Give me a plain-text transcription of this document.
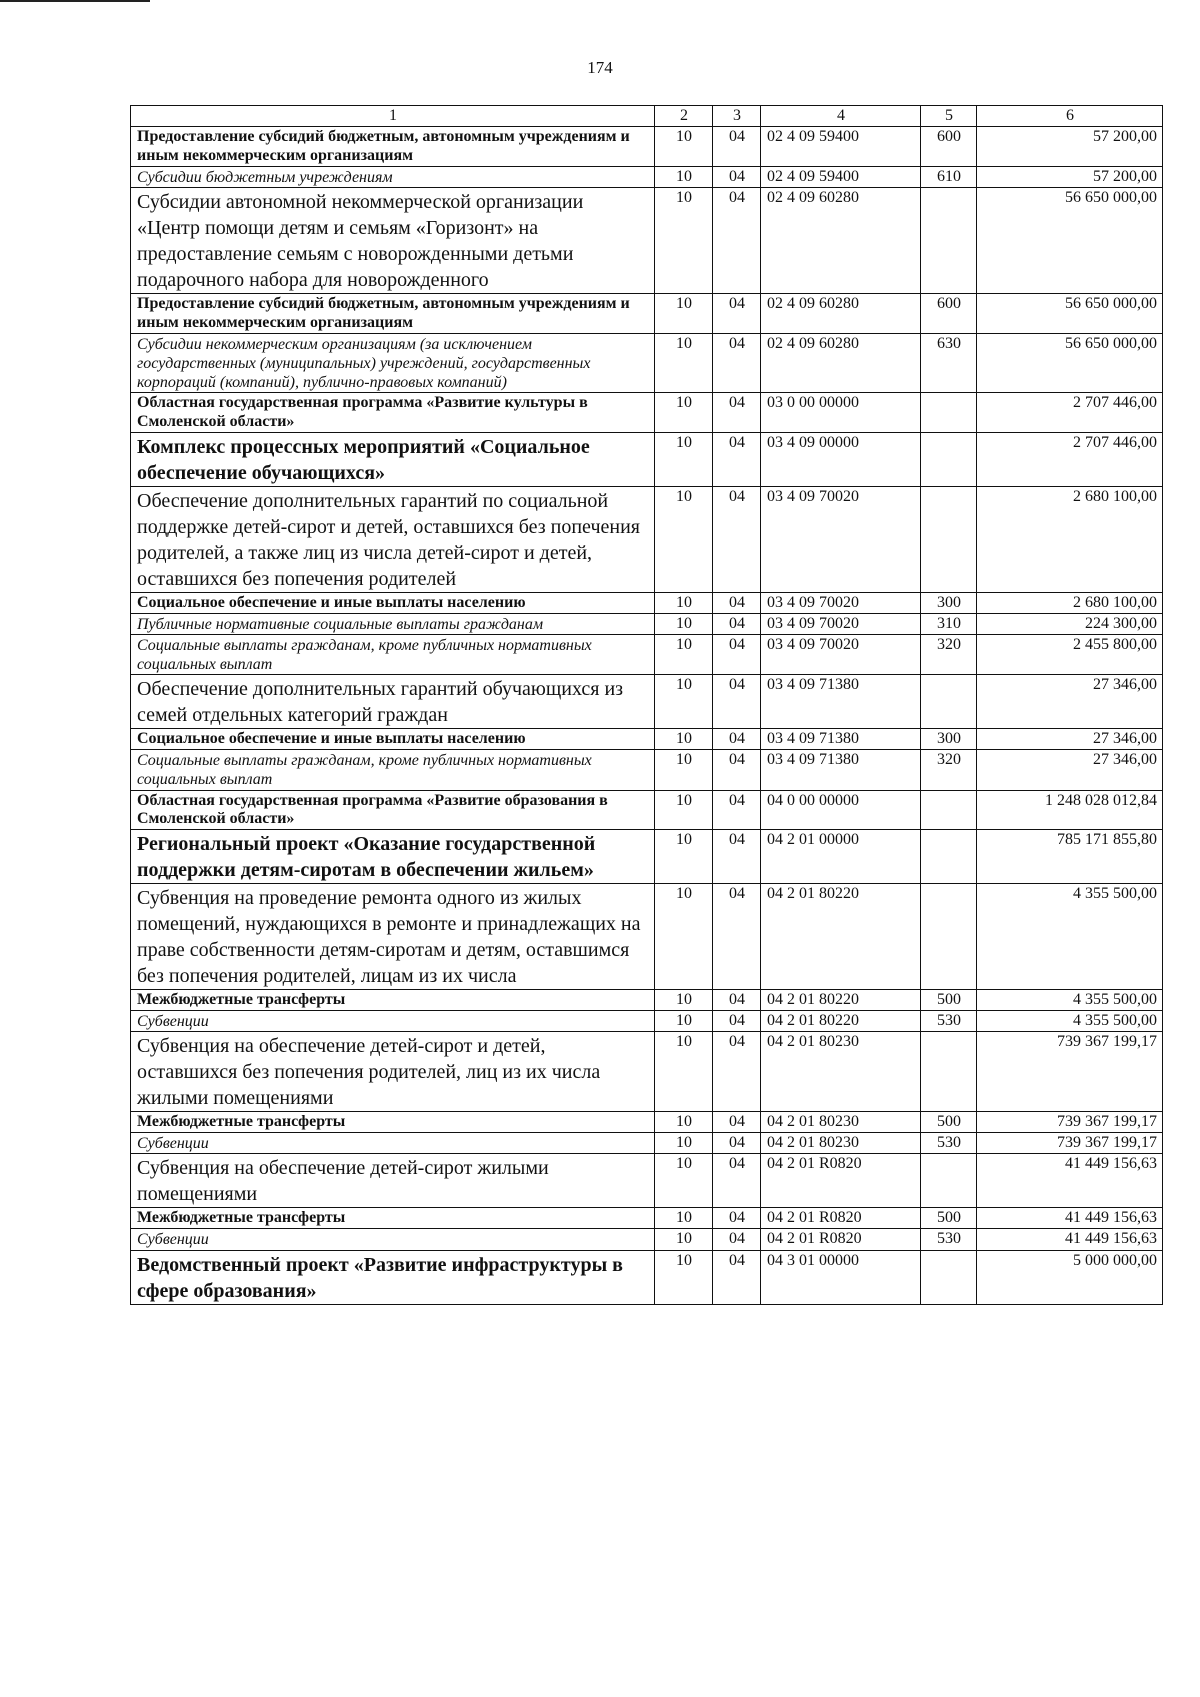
174
1	2	3	4	5	6
Предоставление субсидий бюджетным, автономным учреждениям и иным некоммерческим организациям	10	04	02 4 09 59400	600	57 200,00
Субсидии бюджетным учреждениям	10	04	02 4 09 59400	610	57 200,00
Субсидии автономной некоммерческой организации «Центр помощи детям и семьям «Горизонт» на предоставление семьям с новорожденными детьми подарочного набора для новорожденного	10	04	02 4 09 60280		56 650 000,00
Предоставление субсидий бюджетным, автономным учреждениям и иным некоммерческим организациям	10	04	02 4 09 60280	600	56 650 000,00
Субсидии некоммерческим организациям (за исключением государственных (муниципальных) учреждений, государственных корпораций (компаний), публично-правовых компаний)	10	04	02 4 09 60280	630	56 650 000,00
Областная государственная программа «Развитие культуры в Смоленской области»	10	04	03 0 00 00000		2 707 446,00
Комплекс процессных мероприятий «Социальное обеспечение обучающихся»	10	04	03 4 09 00000		2 707 446,00
Обеспечение дополнительных гарантий по социальной поддержке детей-сирот и детей, оставшихся без попечения родителей, а также лиц из числа детей-сирот и детей, оставшихся без попечения родителей	10	04	03 4 09 70020		2 680 100,00
Социальное обеспечение и иные выплаты населению	10	04	03 4 09 70020	300	2 680 100,00
Публичные нормативные социальные выплаты гражданам	10	04	03 4 09 70020	310	224 300,00
Социальные выплаты гражданам, кроме публичных нормативных социальных выплат	10	04	03 4 09 70020	320	2 455 800,00
Обеспечение дополнительных гарантий обучающихся из семей отдельных категорий граждан	10	04	03 4 09 71380		27 346,00
Социальное обеспечение и иные выплаты населению	10	04	03 4 09 71380	300	27 346,00
Социальные выплаты гражданам, кроме публичных нормативных социальных выплат	10	04	03 4 09 71380	320	27 346,00
Областная государственная программа «Развитие образования в Смоленской области»	10	04	04 0 00 00000		1 248 028 012,84
Региональный проект «Оказание государственной поддержки детям-сиротам в обеспечении жильем»	10	04	04 2 01 00000		785 171 855,80
Субвенция на проведение ремонта одного из жилых помещений, нуждающихся в ремонте и принадлежащих на праве собственности детям-сиротам и детям, оставшимся без попечения родителей, лицам из их числа	10	04	04 2 01 80220		4 355 500,00
Межбюджетные трансферты	10	04	04 2 01 80220	500	4 355 500,00
Субвенции	10	04	04 2 01 80220	530	4 355 500,00
Субвенция на обеспечение детей-сирот и детей, оставшихся без попечения родителей, лиц из их числа жилыми помещениями	10	04	04 2 01 80230		739 367 199,17
Межбюджетные трансферты	10	04	04 2 01 80230	500	739 367 199,17
Субвенции	10	04	04 2 01 80230	530	739 367 199,17
Субвенция на обеспечение детей-сирот жилыми помещениями	10	04	04 2 01 R0820		41 449 156,63
Межбюджетные трансферты	10	04	04 2 01 R0820	500	41 449 156,63
Субвенции	10	04	04 2 01 R0820	530	41 449 156,63
Ведомственный проект «Развитие инфраструктуры в сфере образования»	10	04	04 3 01 00000		5 000 000,00
